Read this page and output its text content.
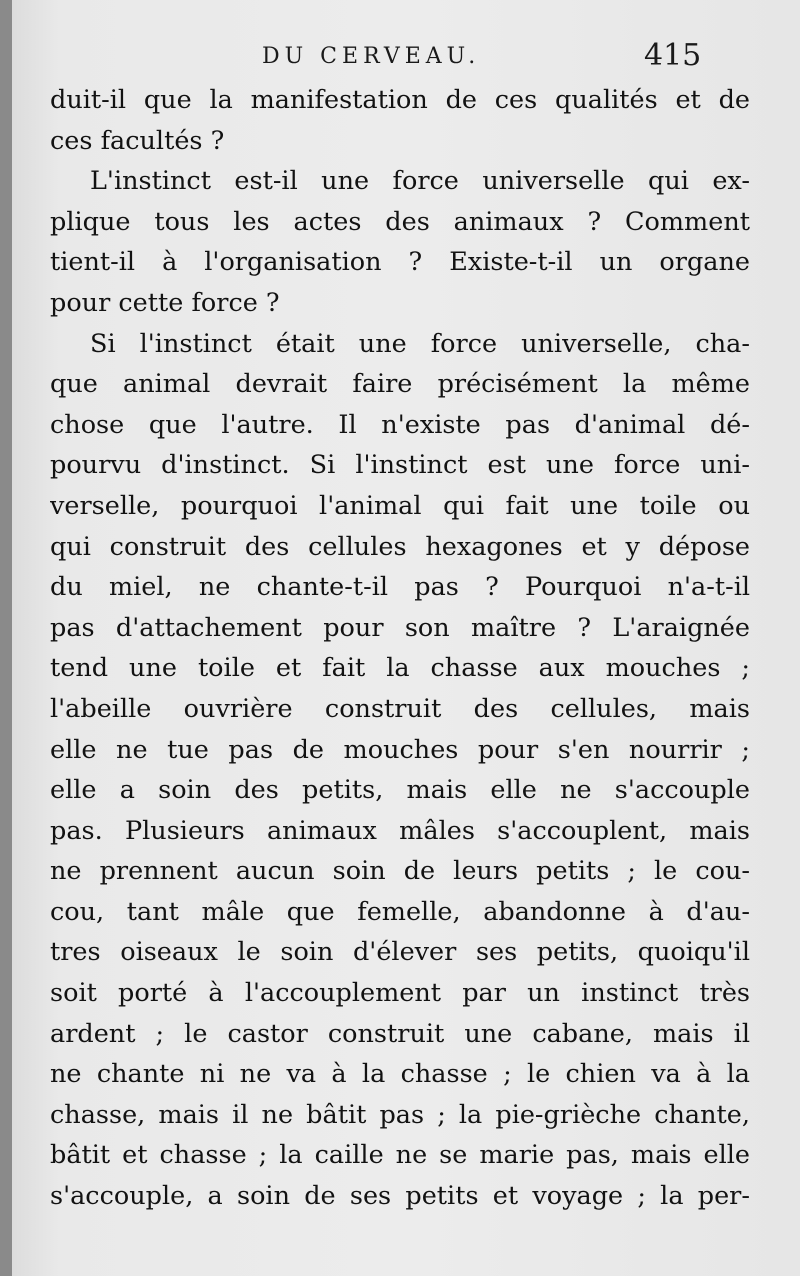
DU CERVEAU.	415
duit-il que la manifestation de ces qualités et de
ces facultés ?
L'instinct est-il une force universelle qui ex-
plique tous les actes des animaux ? Comment
tient-il à l'organisation ? Existe-t-il un organe
pour cette force ?
Si l'instinct était une force universelle, cha-
que animal devrait faire précisément la même
chose que l'autre. Il n'existe pas d'animal dé-
pourvu d'instinct. Si l'instinct est une force uni-
verselle, pourquoi l'animal qui fait une toile ou
qui construit des cellules hexagones et y dépose
du miel, ne chante-t-il pas ? Pourquoi n'a-t-il
pas d'attachement pour son maître ? L'araignée
tend une toile et fait la chasse aux mouches ;
l'abeille ouvrière construit des cellules, mais
elle ne tue pas de mouches pour s'en nourrir ;
elle a soin des petits, mais elle ne s'accouple
pas. Plusieurs animaux mâles s'accouplent, mais
ne prennent aucun soin de leurs petits ; le cou-
cou, tant mâle que femelle, abandonne à d'au-
tres oiseaux le soin d'élever ses petits, quoiqu'il
soit porté à l'accouplement par un instinct très
ardent ; le castor construit une cabane, mais il
ne chante ni ne va à la chasse ; le chien va à la
chasse, mais il ne bâtit pas ; la pie-grièche chante,
bâtit et chasse ; la caille ne se marie pas, mais elle
s'accouple, a soin de ses petits et voyage ; la per-
